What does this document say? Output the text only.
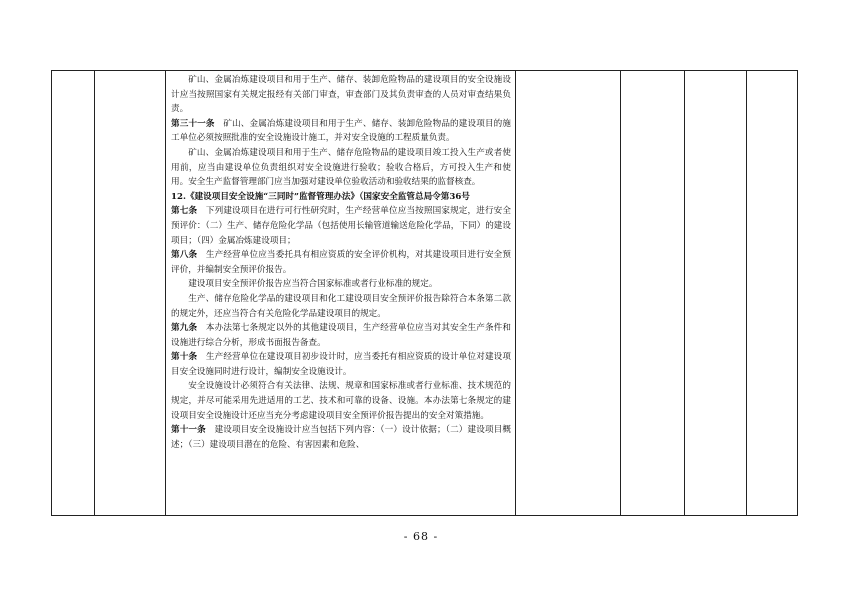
矿山、金属冶炼建设项目和用于生产、储存、装卸危险物品的建设项目的安全设施设计应当按照国家有关规定报经有关部门审查，审查部门及其负责审查的人员对审查结果负责。

第三十一条　矿山、金属冶炼建设项目和用于生产、储存、装卸危险物品的建设项目的施工单位必须按照批准的安全设施设计施工，并对安全设施的工程质量负责。

矿山、金属冶炼建设项目和用于生产、储存危险物品的建设项目竣工投入生产或者使用前，应当由建设单位负责组织对安全设施进行验收；验收合格后，方可投入生产和使用。安全生产监督管理部门应当加强对建设单位验收活动和验收结果的监督核查。

12.《建设项目安全设施“三同时”监督管理办法》（国家安全监管总局令第36号

第七条　下列建设项目在进行可行性研究时，生产经营单位应当按照国家规定，进行安全预评价：（二）生产、储存危险化学品（包括使用长输管道输送危险化学品，下同）的建设项目；（四）金属冶炼建设项目；

第八条　生产经营单位应当委托具有相应资质的安全评价机构，对其建设项目进行安全预评价，并编制安全预评价报告。

建设项目安全预评价报告应当符合国家标准或者行业标准的规定。

生产、储存危险化学品的建设项目和化工建设项目安全预评价报告除符合本条第二款的规定外，还应当符合有关危险化学品建设项目的规定。

第九条　本办法第七条规定以外的其他建设项目，生产经营单位应当对其安全生产条件和设施进行综合分析，形成书面报告备查。

第十条　生产经营单位在建设项目初步设计时，应当委托有相应资质的设计单位对建设项目安全设施同时进行设计，编制安全设施设计。

安全设施设计必须符合有关法律、法规、规章和国家标准或者行业标准、技术规范的规定，并尽可能采用先进适用的工艺、技术和可靠的设备、设施。本办法第七条规定的建设项目安全设施设计还应当充分考虑建设项目安全预评价报告提出的安全对策措施。

第十一条　建设项目安全设施设计应当包括下列内容：（一）设计依据；（二）建设项目概述；（三）建设项目潜在的危险、有害因素和危险、

- 68 -
